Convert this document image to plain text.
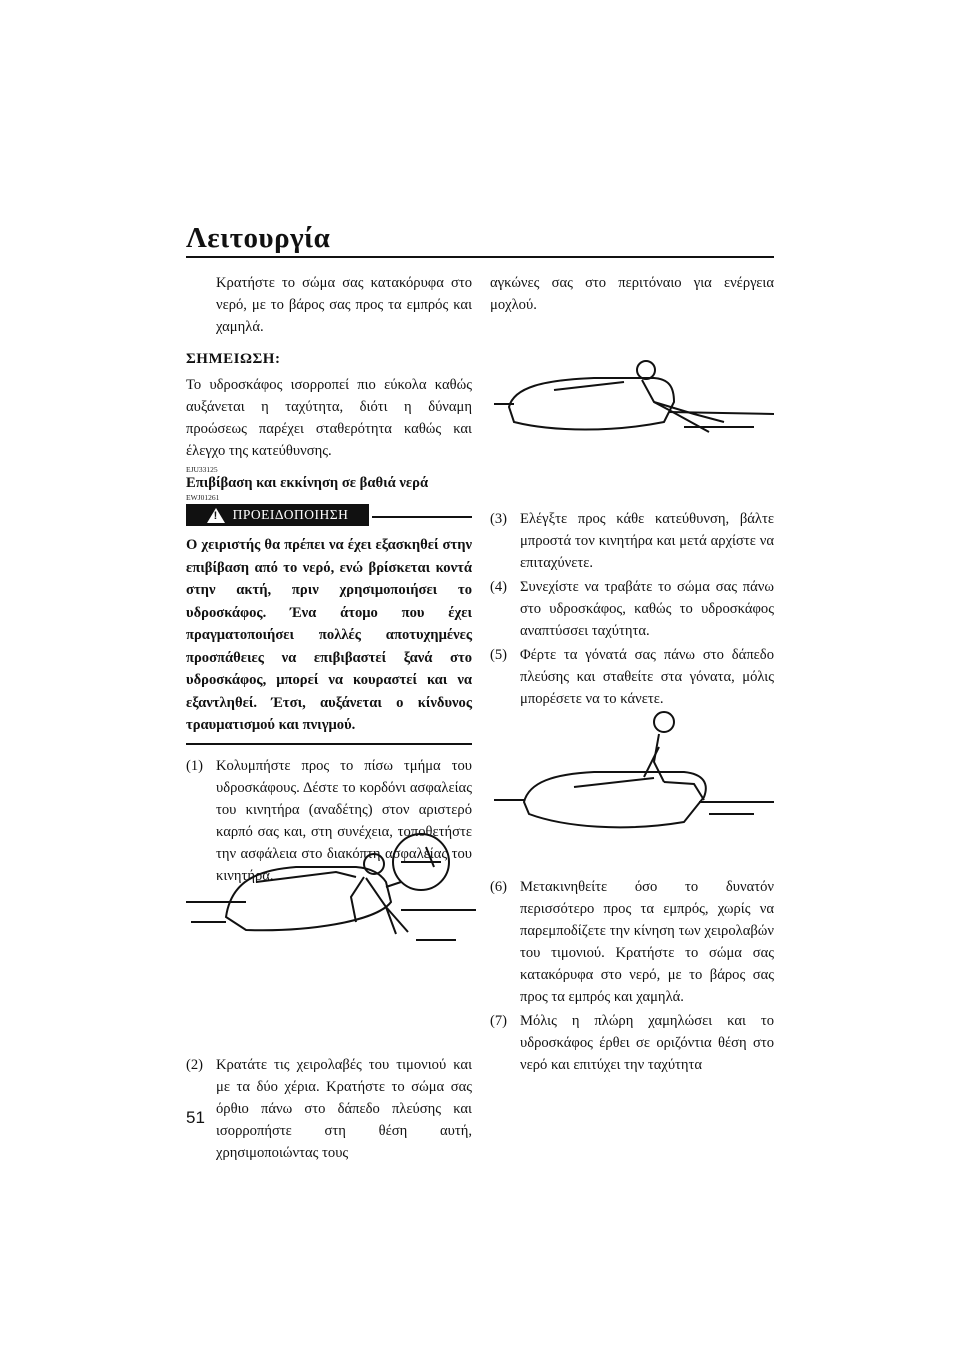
Λειτουργία

Κρατήστε το σώμα σας κατακόρυφα στο νερό, με το βάρος σας προς τα εμπρός και χαμηλά.

ΣΗΜΕΙΩΣΗ:

Το υδροσκάφος ισορροπεί πιο εύκολα καθώς αυξάνεται η ταχύτητα, διότι η δύναμη προώσεως παρέχει σταθερότητα καθώς και έλεγχο της κατεύθυνσης.

EJU33125
Επιβίβαση και εκκίνηση σε βαθιά νερά
EWJ01261
! ΠΡΟΕΙΔΟΠΟΙΗΣΗ

Ο χειριστής θα πρέπει να έχει εξασκηθεί στην επιβίβαση από το νερό, ενώ βρίσκεται κοντά στην ακτή, πριν χρησιμοποιήσει το υδροσκάφος. Ένα άτομο που έχει πραγματοποιήσει πολλές αποτυχημένες προσπάθειες να επιβιβαστεί ξανά στο υδροσκάφος, μπορεί να κουραστεί και να εξαντληθεί. Έτσι, αυξάνεται ο κίνδυνος τραυματισμού και πνιγμού.

(1) Κολυμπήστε προς το πίσω τμήμα του υδροσκάφους. Δέστε το κορδόνι ασφαλείας του κινητήρα (αναδέτης) στον αριστερό καρπό σας και, στη συνέχεια, τοποθετήστε την ασφάλεια στο διακόπτη ασφαλείας του κινητήρα.
(2) Κρατάτε τις χειρολαβές του τιμονιού και με τα δύο χέρια. Κρατήστε το σώμα σας όρθιο πάνω στο δάπεδο πλεύσης και ισορροπήστε στη θέση αυτή, χρησιμοποιώντας τους

αγκώνες σας στο περιτόναιο για ενέργεια μοχλού.

(3) Ελέγξτε προς κάθε κατεύθυνση, βάλτε μπροστά τον κινητήρα και μετά αρχίστε να επιταχύνετε.
(4) Συνεχίστε να τραβάτε το σώμα σας πάνω στο υδροσκάφος, καθώς το υδροσκάφος αναπτύσσει ταχύτητα.
(5) Φέρτε τα γόνατά σας πάνω στο δάπεδο πλεύσης και σταθείτε στα γόνατα, μόλις μπορέσετε να το κάνετε.
(6) Μετακινηθείτε όσο το δυνατόν περισσότερο προς τα εμπρός, χωρίς να παρεμποδίζετε την κίνηση των χειρολαβών του τιμονιού. Κρατήστε το σώμα σας κατακόρυφα στο νερό, με το βάρος σας προς τα εμπρός και χαμηλά.
(7) Μόλις η πλώρη χαμηλώσει και το υδροσκάφος έρθει σε οριζόντια θέση στο νερό και επιτύχει την ταχύτητα
51
